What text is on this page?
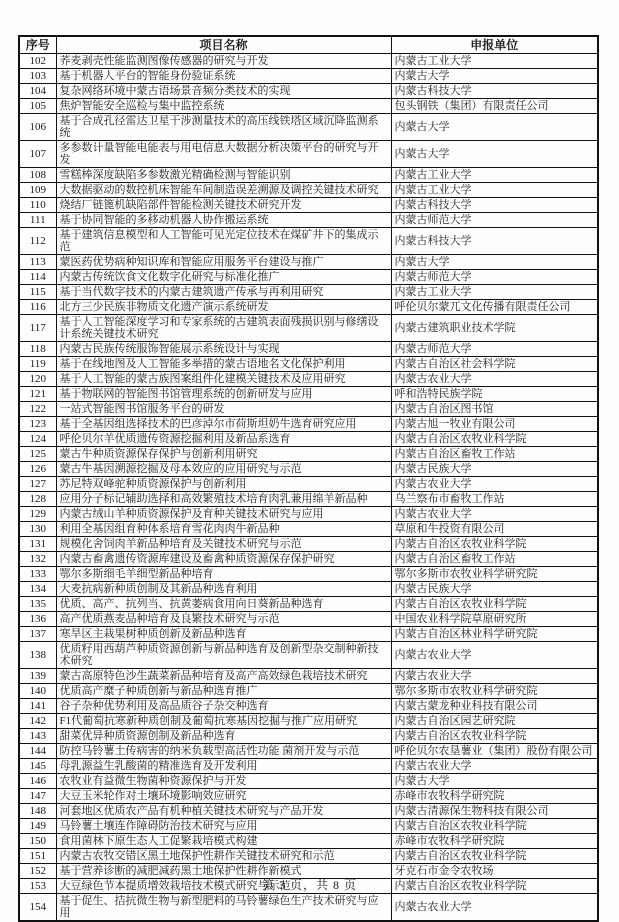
序号	项目名称	申报单位
102	荞麦剥壳性能监测图像传感器的研究与开发	内蒙古工业大学
103	基于机器人平台的智能身份验证系统	内蒙古大学
104	复杂网络环境中蒙古语场景音频分类技术的实现	内蒙古科技大学
105	焦炉智能安全巡检与集中监控系统	包头钢铁（集团）有限责任公司
106	基于合成孔径雷达卫星干涉测量技术的高压线铁塔区域沉降监测系统	内蒙古大学
107	多参数计量智能电能表与用电信息大数据分析决策平台的研究与开发	内蒙古大学
108	雪糕棒深度缺陷多参数激光精确检测与智能识别	内蒙古工业大学
109	大数据驱动的数控机床智能车间制造误差溯源及调控关键技术研究	内蒙古工业大学
110	烧结厂链篦机缺陷部件智能检测关键技术研究开发	内蒙古科技大学
111	基于协同智能的多移动机器人协作搬运系统	内蒙古师范大学
112	基于建筑信息模型和人工智能可见光定位技术在煤矿井下的集成示范	内蒙古科技大学
113	蒙医药优势病种知识库和智能应用服务平台建设与推广	内蒙古大学
114	内蒙古传统饮食文化数字化研究与标准化推广	内蒙古师范大学
115	基于当代数字技术的内蒙古建筑遗产传承与再利用研究	内蒙古工业大学
116	北方三少民族非物质文化遗产演示系统研发	呼伦贝尔蒙兀文化传播有限责任公司
117	基于人工智能深度学习和专家系统的古建筑表面残损识别与修缮设计系统关键技术研究	内蒙古建筑职业技术学院
118	内蒙古民族传统服饰智能展示系统设计与实现	内蒙古师范大学
119	基于在线地图及人工智能多举措的蒙古语地名文化保护利用	内蒙古自治区社会科学院
120	基于人工智能的蒙古族图案组件化建模关键技术及应用研究	内蒙古农业大学
121	基于物联网的智能图书馆管理系统的创新研发与应用	呼和浩特民族学院
122	一站式智能图书馆服务平台的研发	内蒙古自治区图书馆
123	基于全基因组选择技术的巴彦淖尔市荷斯坦奶牛选育研究应用	内蒙古旭一牧业有限公司
124	呼伦贝尔羊优质遗传资源挖掘利用及新品系选育	内蒙古自治区农牧业科学院
125	蒙古牛种质资源保存保护与创新利用研究	内蒙古自治区畜牧工作站
126	蒙古牛基因溯源挖掘及母本效应的应用研究与示范	内蒙古民族大学
127	苏尼特双峰驼种质资源保护与创新利用	内蒙古农业大学
128	应用分子标记辅助选择和高效繁殖技术培育肉乳兼用绵羊新品种	乌兰察布市畜牧工作站
129	内蒙古绒山羊种质资源保护及育种关键技术研究与应用	内蒙古农业大学
130	利用全基因组育种体系培育雪花肉肉牛新品种	草原和牛投资有限公司
131	规模化舍饲肉羊新品种培育及关键技术研究与示范	内蒙古自治区农牧业科学院
132	内蒙古畜禽遗传资源库建设及畜禽种质资源保存保护研究	内蒙古自治区畜牧工作站
133	鄂尔多斯细毛羊细型新品种培育	鄂尔多斯市农牧业科学研究院
134	大麦抗病新种质创制及其新品种选育利用	内蒙古民族大学
135	优质、高产、抗列当、抗黄萎病食用向日葵新品种选育	内蒙古自治区农牧业科学院
136	高产优质燕麦品种培育及良繁技术研究与示范	中国农业科学院草原研究所
137	寒旱区主栽果树种质创新及新品种选育	内蒙古自治区林业科学研究院
138	优质籽用西葫芦种质资源创新与新品种选育及创新型杂交制种新技术研究	内蒙古农业大学
139	蒙古高原特色沙生蔬菜新品种培育及高产高效绿色栽培技术研究	内蒙古农业大学
140	优质高产糜子种质创新与新品种选育推广	鄂尔多斯市农牧业科学研究院
141	谷子杂种优势利用及高品质谷子杂交种选育	内蒙古蒙龙种业科技有限公司
142	F1代葡萄抗寒新种质创制及葡萄抗寒基因挖掘与推广应用研究	内蒙古自治区园艺研究院
143	甜菜优异种质资源创制及新品种选育	内蒙古自治区农牧业科学院
144	防控马铃薯土传病害的纳米负载型高活性功能 菌剂开发与示范	呼伦贝尔农垦薯业（集团）股份有限公司
145	母乳源益生乳酸菌的精准选育及开发利用	内蒙古农业大学
146	农牧业有益微生物菌种资源保护与开发	内蒙古大学
147	大豆玉米轮作对土壤环境影响效应研究	赤峰市农牧科学研究院
148	河套地区优质农产品有机种植关键技术研究与产品开发	内蒙古清源保生物科技有限公司
149	马铃薯土壤连作障碍防治技术研究与应用	内蒙古自治区农牧业科学院
150	食用菌林下原生态人工促繁栽培模式构建	赤峰市农牧科学研究院
151	内蒙古农牧交错区黑土地保护性耕作关键技术研究和示范	内蒙古自治区农牧业科学院
152	基于营养诊断的减肥减药黑土地保护性耕作新模式	牙克石市金令农牧场
153	大豆绿色节本提质增效栽培技术模式研究与示范	内蒙古自治区农牧业科学院
154	基于促生、拮抗微生物与新型肥料的马铃薯绿色生产技术研究与应用	内蒙古农业大学
第 3 页，共 8 页
